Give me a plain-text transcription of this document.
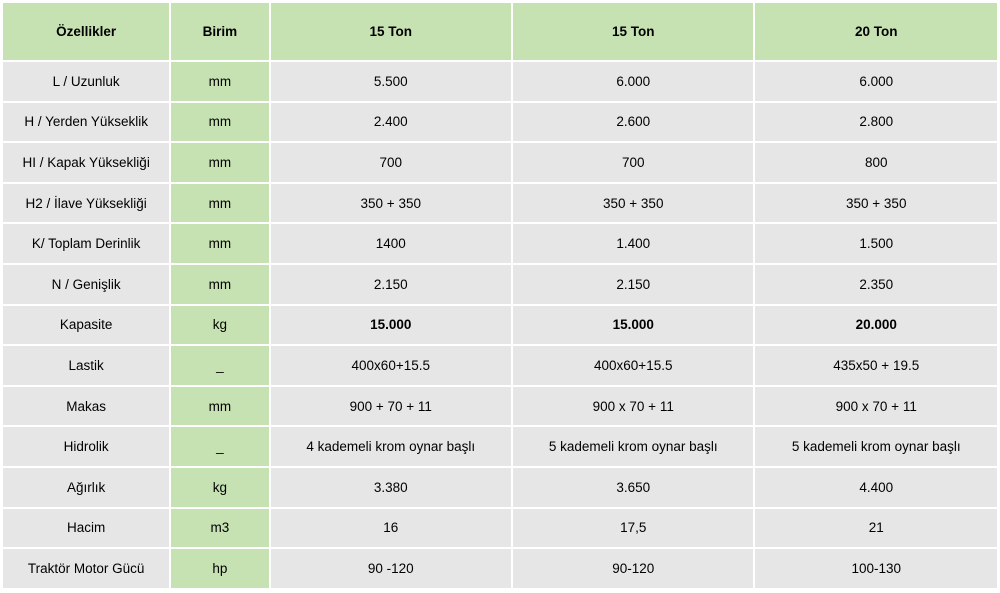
Özellikler	Birim	15 Ton	15 Ton	20 Ton
L / Uzunluk	mm	5.500	6.000	6.000
H / Yerden Yükseklik	mm	2.400	2.600	2.800
HI / Kapak Yüksekliği	mm	700	700	800
H2 / İlave Yüksekliği	mm	350 + 350	350 + 350	350 + 350
K/ Toplam Derinlik	mm	1400	1.400	1.500
N / Genişlik	mm	2.150	2.150	2.350
Kapasite	kg	15.000	15.000	20.000
Lastik	_	400x60+15.5	400x60+15.5	435x50 + 19.5
Makas	mm	900 + 70 + 11	900 x 70 + 11	900 x 70 + 11
Hidrolik	_	4 kademeli krom oynar başlı	5 kademeli krom oynar başlı	5 kademeli krom oynar başlı
Ağırlık	kg	3.380	3.650	4.400
Hacim	m3	16	17,5	21
Traktör Motor Gücü	hp	90 -120	90-120	100-130
